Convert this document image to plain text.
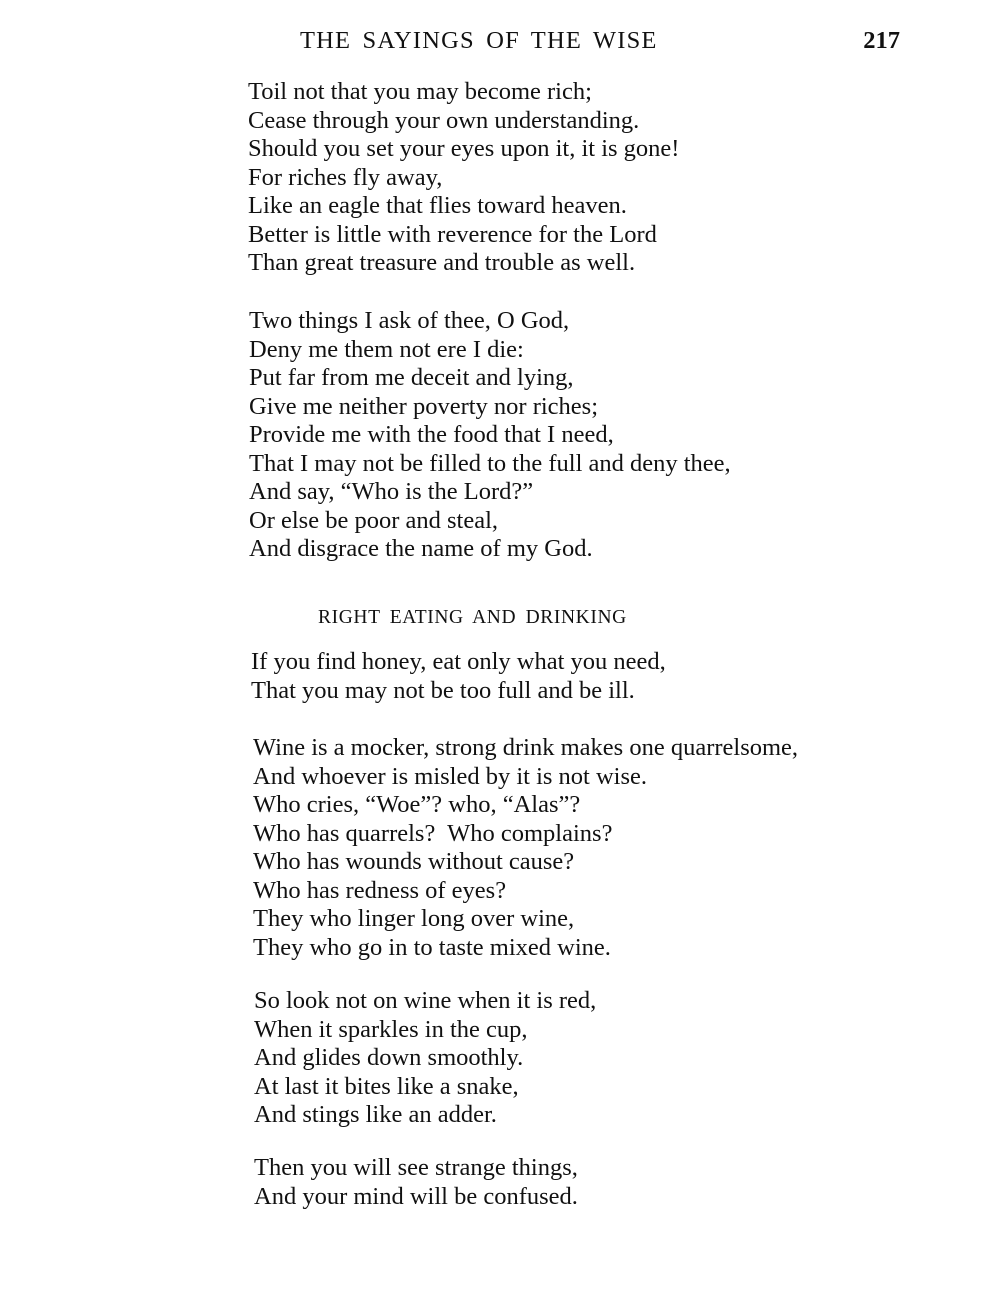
THE SAYINGS OF THE WISE	217
Toil not that you may become rich;
Cease through your own understanding.
Should you set your eyes upon it, it is gone!
For riches fly away,
Like an eagle that flies toward heaven.
Better is little with reverence for the Lord
Than great treasure and trouble as well.
Two things I ask of thee, O God,
Deny me them not ere I die:
Put far from me deceit and lying,
Give me neither poverty nor riches;
Provide me with the food that I need,
That I may not be filled to the full and deny thee,
And say, “Who is the Lord?”
Or else be poor and steal,
And disgrace the name of my God.
RIGHT EATING AND DRINKING
If you find honey, eat only what you need,
That you may not be too full and be ill.
Wine is a mocker, strong drink makes one quarrelsome,
And whoever is misled by it is not wise.
Who cries, “Woe”? who, “Alas”?
Who has quarrels?  Who complains?
Who has wounds without cause?
Who has redness of eyes?
They who linger long over wine,
They who go in to taste mixed wine.
So look not on wine when it is red,
When it sparkles in the cup,
And glides down smoothly.
At last it bites like a snake,
And stings like an adder.
Then you will see strange things,
And your mind will be confused.
